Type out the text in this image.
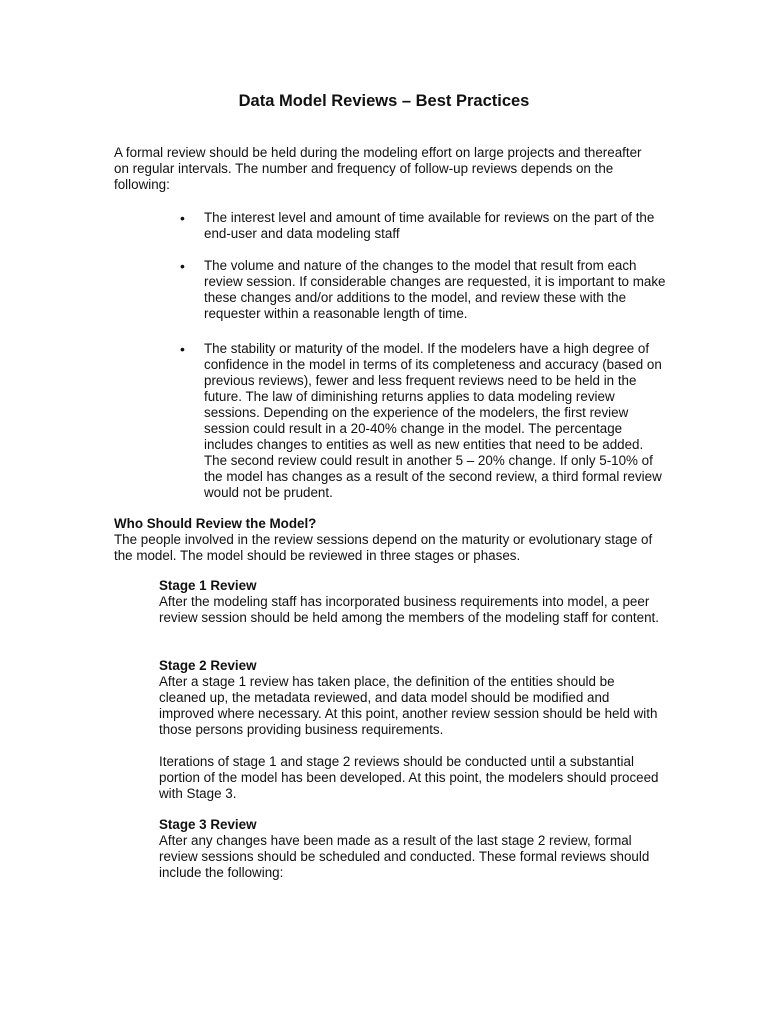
Data Model Reviews – Best Practices

A formal review should be held during the modeling effort on large projects and thereafter on regular intervals. The number and frequency of follow-up reviews depends on the following:

•	The interest level and amount of time available for reviews on the part of the end-user and data modeling staff
•	The volume and nature of the changes to the model that result from each review session. If considerable changes are requested, it is important to make these changes and/or additions to the model, and review these with the requester within a reasonable length of time.
•	The stability or maturity of the model. If the modelers have a high degree of confidence in the model in terms of its completeness and accuracy (based on previous reviews), fewer and less frequent reviews need to be held in the future. The law of diminishing returns applies to data modeling review sessions. Depending on the experience of the modelers, the first review session could result in a 20-40% change in the model. The percentage includes changes to entities as well as new entities that need to be added. The second review could result in another 5 – 20% change. If only 5-10% of the model has changes as a result of the second review, a third formal review would not be prudent.
Who Should Review the Model?

The people involved in the review sessions depend on the maturity or evolutionary stage of the model. The model should be reviewed in three stages or phases.

Stage 1 Review

After the modeling staff has incorporated business requirements into model, a peer review session should be held among the members of the modeling staff for content.

Stage 2 Review

After a stage 1 review has taken place, the definition of the entities should be cleaned up, the metadata reviewed, and data model should be modified and improved where necessary. At this point, another review session should be held with those persons providing business requirements.

Iterations of stage 1 and stage 2 reviews should be conducted until a substantial portion of the model has been developed. At this point, the modelers should proceed with Stage 3.

Stage 3 Review

After any changes have been made as a result of the last stage 2 review, formal review sessions should be scheduled and conducted. These formal reviews should include the following:
